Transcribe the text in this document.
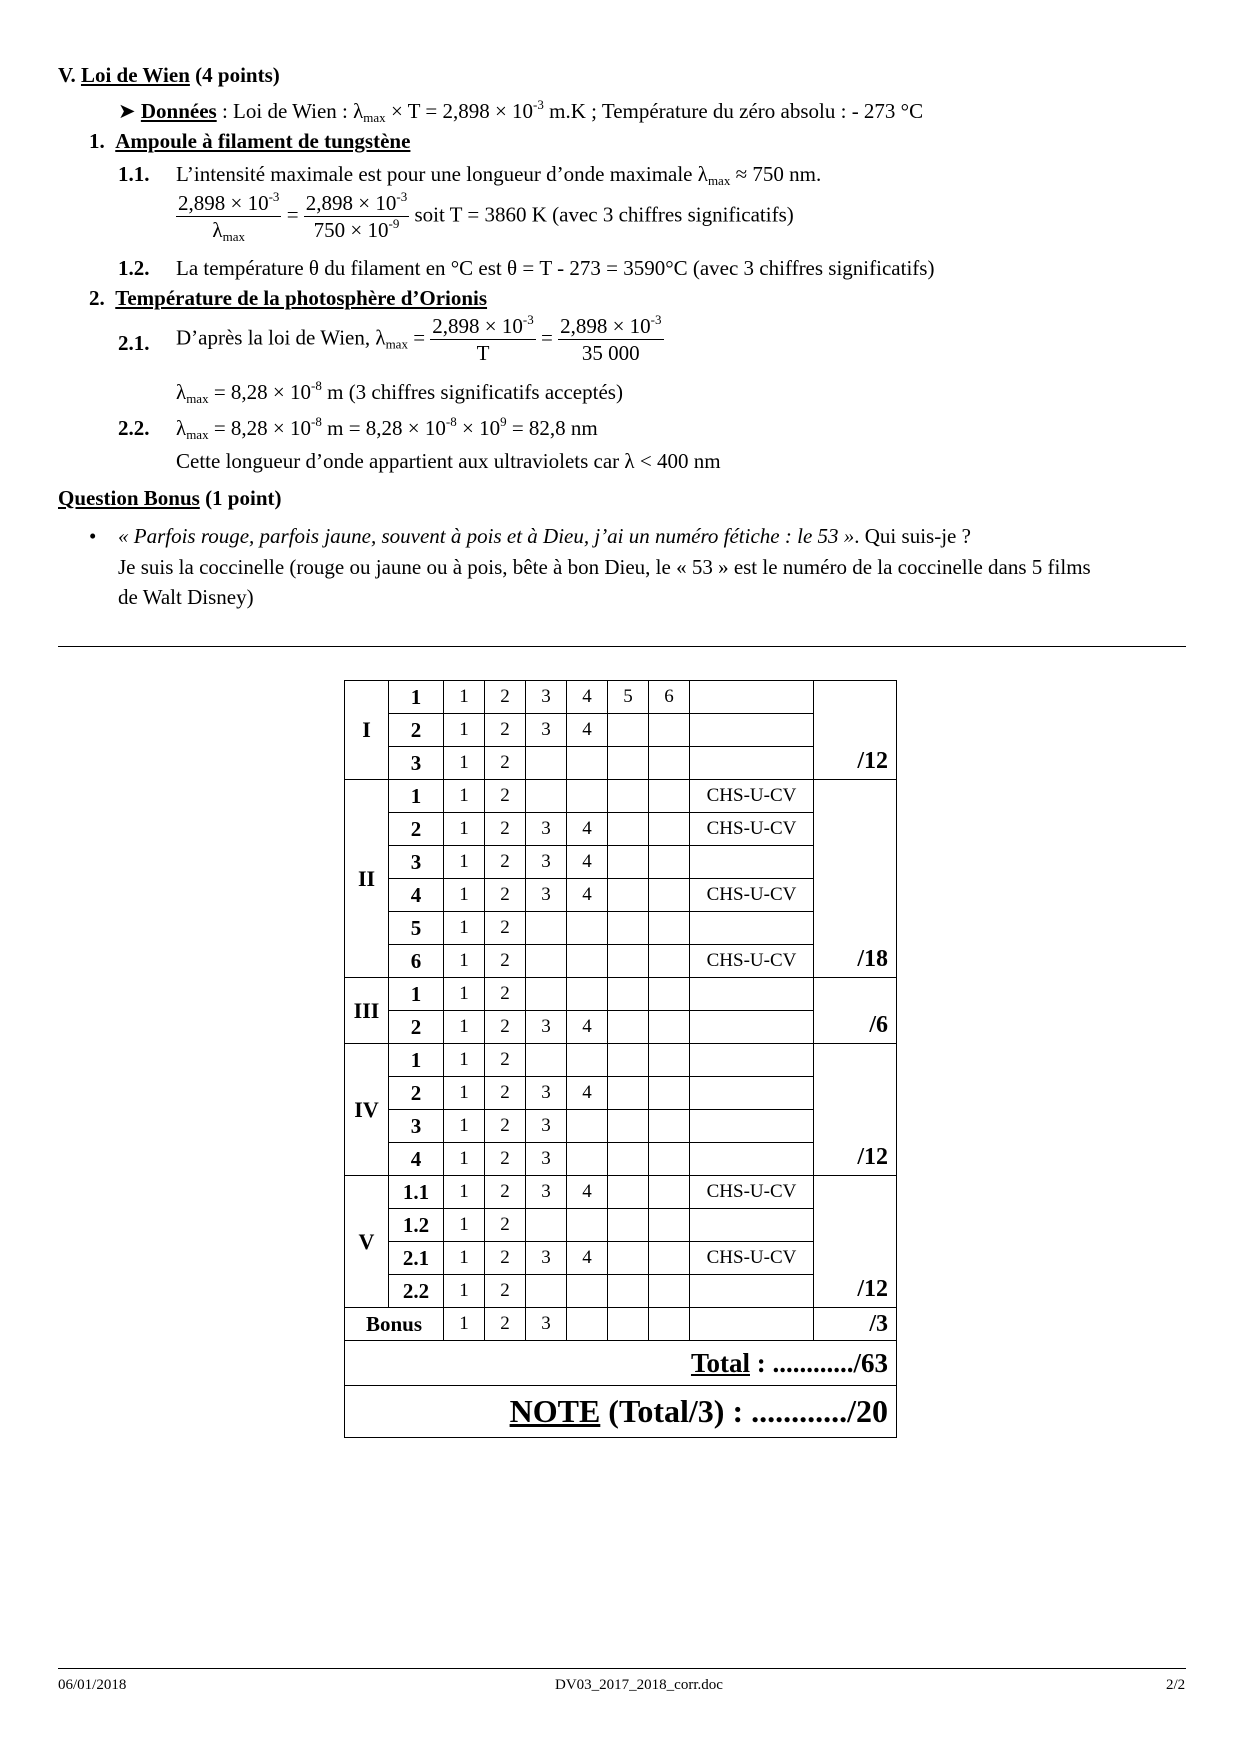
V. Loi de Wien (4 points)
➤ Données : Loi de Wien : $\lambda_{max} \times T = 2,898 \times 10^{-3}$ m.K ; Température du zéro absolu : - 273 °C
1. Ampoule à filament de tungstène
1.1. L’intensité maximale est pour une longueur d’onde maximale $\lambda_{max} \approx 750$ nm.
$\frac{2,898 \times 10^{-3}}{\lambda_{max}} = \frac{2,898 \times 10^{-3}}{750 \times 10^{-9}}$ soit T = 3860 K (avec 3 chiffres significatifs)
1.2. La température θ du filament en °C est θ = T - 273 = 3590°C (avec 3 chiffres significatifs)
2. Température de la photosphère d’Orionis
2.1. D’après la loi de Wien, $\lambda_{max} = \frac{2,898 \times 10^{-3}}{T} = \frac{2,898 \times 10^{-3}}{35 000}$
$\lambda_{max} = 8,28 \times 10^{-8}$ m (3 chiffres significatifs acceptés)
2.2. $\lambda_{max} = 8,28 \times 10^{-8}$ $m = 8,28 \times 10^{-8} \times 10^9 = 82,8$ nm
Cette longueur d’onde appartient aux ultraviolets car λ < 400 nm
Question Bonus (1 point)
• « Parfois rouge, parfois jaune, souvent à pois et à Dieu, j’ai un numéro fétiche : le 53 ». Qui suis-je ?
Je suis la coccinelle (rouge ou jaune ou à pois, bête à bon Dieu, le « 53 » est le numéro de la coccinelle dans 5 films
de Walt Disney)
I	1	1	2	3	4	5	6		/12
	2	1	2	3	4				
	3	1	2						
II	1	1	2					CHS-U-CV	/18
	2	1	2	3	4			CHS-U-CV	
	3	1	2	3	4				
	4	1	2	3	4			CHS-U-CV	
	5	1	2						
	6	1	2					CHS-U-CV	
III	1	1	2						/6
	2	1	2	3	4				
IV	1	1	2						/12
	2	1	2	3	4				
	3	1	2	3					
	4	1	2	3					
V	1.1	1	2	3	4			CHS-U-CV	/12
	1.2	1	2						
	2.1	1	2	3	4			CHS-U-CV	
	2.2	1	2						
Bonus		1	2	3					/3
Total : ............/63									
NOTE (Total/3) : ............/20									
06/01/2018	DV03_2017_2018_corr.doc	2/2
